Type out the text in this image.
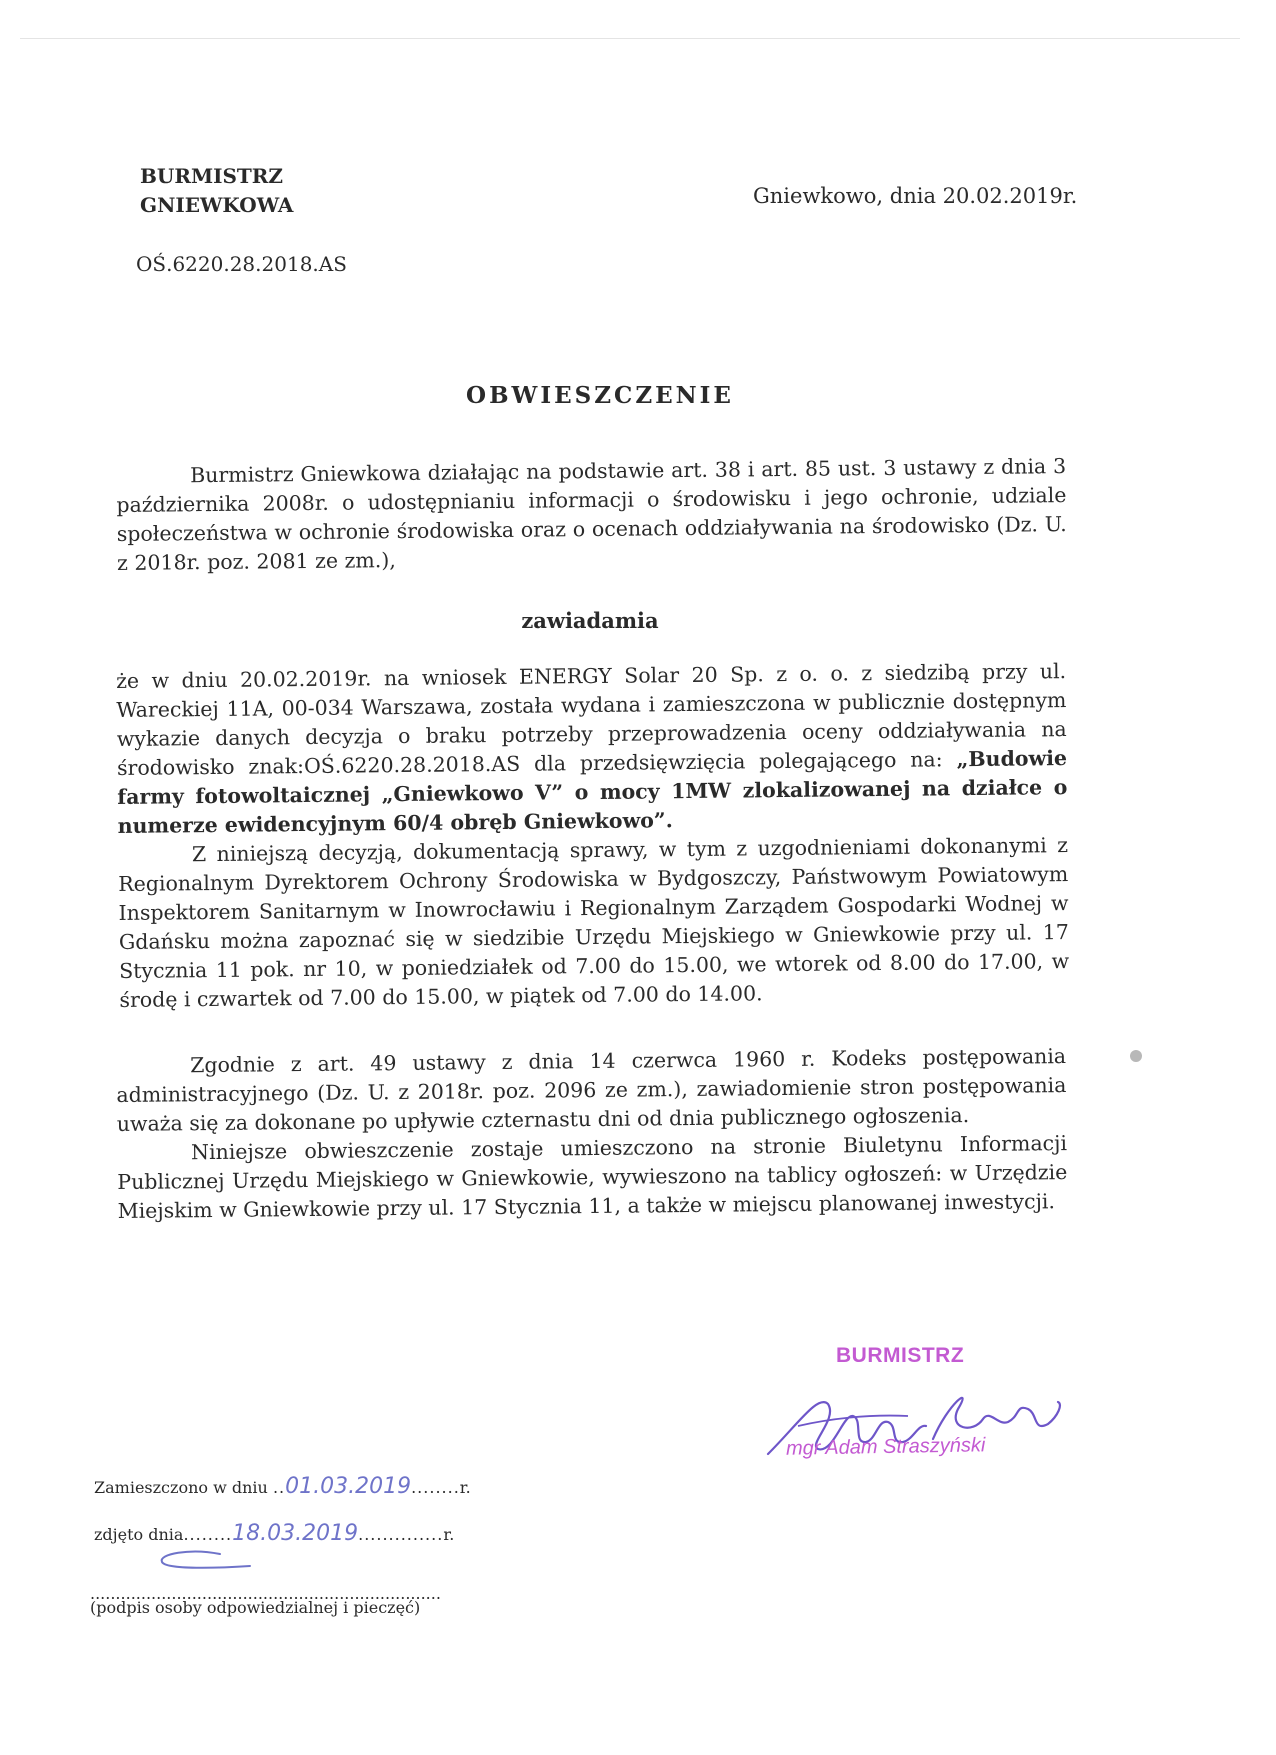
BURMISTRZ
GNIEWKOWA	Gniewkowo, dnia 20.02.2019r.
OŚ.6220.28.2018.AS
OBWIESZCZENIE

Burmistrz Gniewkowa działając na podstawie art. 38 i art. 85 ust. 3 ustawy z dnia 3 października 2008r. o udostępnianiu informacji o środowisku i jego ochronie, udziale społeczeństwa w ochronie środowiska oraz o ocenach oddziaływania na środowisko (Dz. U. z 2018r. poz. 2081 ze zm.),

zawiadamia

że w dniu 20.02.2019r. na wniosek ENERGY Solar 20 Sp. z o. o. z siedzibą przy ul. Wareckiej 11A, 00-034 Warszawa, została wydana i zamieszczona w publicznie dostępnym wykazie danych decyzja o braku potrzeby przeprowadzenia oceny oddziaływania na środowisko znak:OŚ.6220.28.2018.AS dla przedsięwzięcia polegającego na: „Budowie farmy fotowoltaicznej „Gniewkowo V” o mocy 1MW zlokalizowanej na działce o numerze ewidencyjnym 60/4 obręb Gniewkowo”.

Z niniejszą decyzją, dokumentacją sprawy, w tym z uzgodnieniami dokonanymi z Regionalnym Dyrektorem Ochrony Środowiska w Bydgoszczy, Państwowym Powiatowym Inspektorem Sanitarnym w Inowrocławiu i Regionalnym Zarządem Gospodarki Wodnej w Gdańsku można zapoznać się w siedzibie Urzędu Miejskiego w Gniewkowie przy ul. 17 Stycznia 11 pok. nr 10, w poniedziałek od 7.00 do 15.00, we wtorek od 8.00 do 17.00, w środę i czwartek od 7.00 do 15.00, w piątek od 7.00 do 14.00.

Zgodnie z art. 49 ustawy z dnia 14 czerwca 1960 r. Kodeks postępowania administracyjnego (Dz. U. z 2018r. poz. 2096 ze zm.), zawiadomienie stron postępowania uważa się za dokonane po upływie czternastu dni od dnia publicznego ogłoszenia.

Niniejsze obwieszczenie zostaje umieszczono na stronie Biuletynu Informacji Publicznej Urzędu Miejskiego w Gniewkowie, wywieszono na tablicy ogłoszeń: w Urzędzie Miejskim w Gniewkowie przy ul. 17 Stycznia 11, a także w miejscu planowanej inwestycji.

BURMISTRZ
mgr Adam Straszyński
Zamieszczono w dniu ..01.03.2019........r.
zdjęto dnia........18.03.2019..............r.
.....................................................................
(podpis osoby odpowiedzialnej i pieczęć)
